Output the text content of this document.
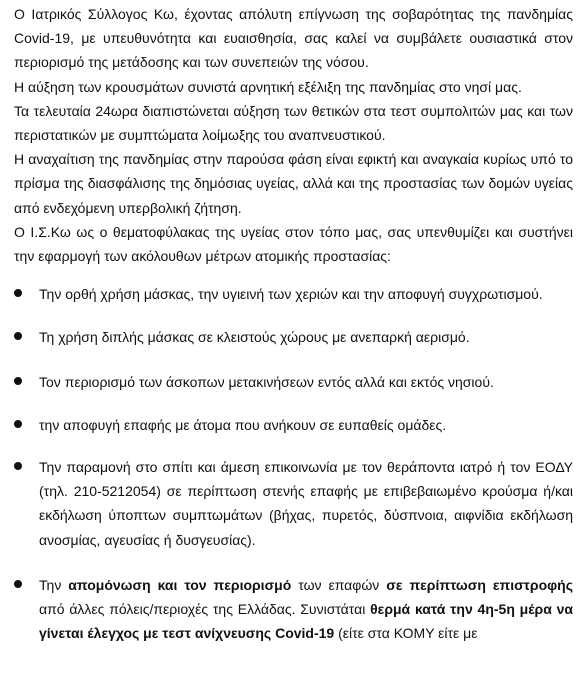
Ο Ιατρικός Σύλλογος Κω, έχοντας απόλυτη επίγνωση της σοβαρότητας της πανδημίας Covid-19, με υπευθυνότητα και ευαισθησία, σας καλεί να συμβάλετε ουσιαστικά στον περιορισμό της μετάδοσης και των συνεπειών της νόσου.

Η αύξηση των κρουσμάτων συνιστά αρνητική εξέλιξη της πανδημίας στο νησί μας.

Τα τελευταία 24ωρα διαπιστώνεται αύξηση των θετικών στα τεστ συμπολιτών μας και των περιστατικών με συμπτώματα λοίμωξης του αναπνευστικού.

Η αναχαίτιση της πανδημίας στην παρούσα φάση είναι εφικτή και αναγκαία κυρίως υπό το πρίσμα της διασφάλισης της δημόσιας υγείας, αλλά και της προστασίας των δομών υγείας από ενδεχόμενη υπερβολική ζήτηση.

Ο Ι.Σ.Κω ως ο θεματοφύλακας της υγείας στον τόπο μας, σας υπενθυμίζει και συστήνει την εφαρμογή των ακόλουθων μέτρων ατομικής προστασίας:

Την ορθή χρήση μάσκας, την υγιεινή των χεριών και την αποφυγή συγχρωτισμού.

Τη χρήση διπλής μάσκας σε κλειστούς χώρους με ανεπαρκή αερισμό.

Τον περιορισμό των άσκοπων μετακινήσεων εντός αλλά και εκτός νησιού.

την αποφυγή επαφής με άτομα που ανήκουν σε ευπαθείς ομάδες.

Την παραμονή στο σπίτι και άμεση επικοινωνία με τον θεράποντα ιατρό ή τον ΕΟΔΥ (τηλ. 210-5212054) σε περίπτωση στενής επαφής με επιβεβαιωμένο κρούσμα ή/και εκδήλωση ύποπτων συμπτωμάτων (βήχας, πυρετός, δύσπνοια, αιφνίδια εκδήλωση ανοσμίας, αγευσίας ή δυσγευσίας).

Την απομόνωση και τον περιορισμό των επαφών σε περίπτωση επιστροφής από άλλες πόλεις/περιοχές της Ελλάδας. Συνιστάται θερμά κατά την 4η-5η μέρα να γίνεται έλεγχος με τεστ ανίχνευσης Covid-19 (είτε στα ΚΟΜΥ είτε με
